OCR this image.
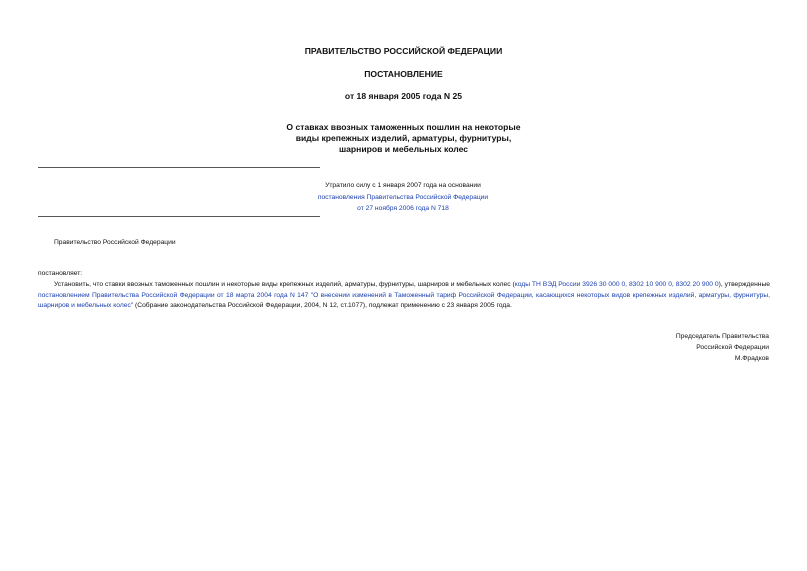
ПРАВИТЕЛЬСТВО РОССИЙСКОЙ ФЕДЕРАЦИИ
ПОСТАНОВЛЕНИЕ
от 18 января 2005 года N 25
О ставках ввозных таможенных пошлин на некоторые
виды крепежных изделий, арматуры, фурнитуры,
шарниров и мебельных колес
Утратило силу с 1 января 2007 года на основании
постановления Правительства Российской Федерации
от 27 ноября 2006 года N 718
Правительство Российской Федерации
постановляет:
Установить, что ставки ввозных таможенных пошлин и некоторые виды крепежных изделий, арматуры, фурнитуры, шарниров и мебельных колес (коды ТН ВЭД России 3926 30 000 0, 8302 10 900 0, 8302 20 900 0), утвержденные постановлением Правительства Российской Федерации от 18 марта 2004 года N 147 "О внесении изменений в Таможенный тариф Российской Федерации, касающихся некоторых видов крепежных изделий, арматуры, фурнитуры, шарниров и мебельных колес" (Собрание законодательства Российской Федерации, 2004, N 12, ст.1077), подлежат применению с 23 января 2005 года.
Председатель Правительства
Российской Федерации
М.Фрадков
